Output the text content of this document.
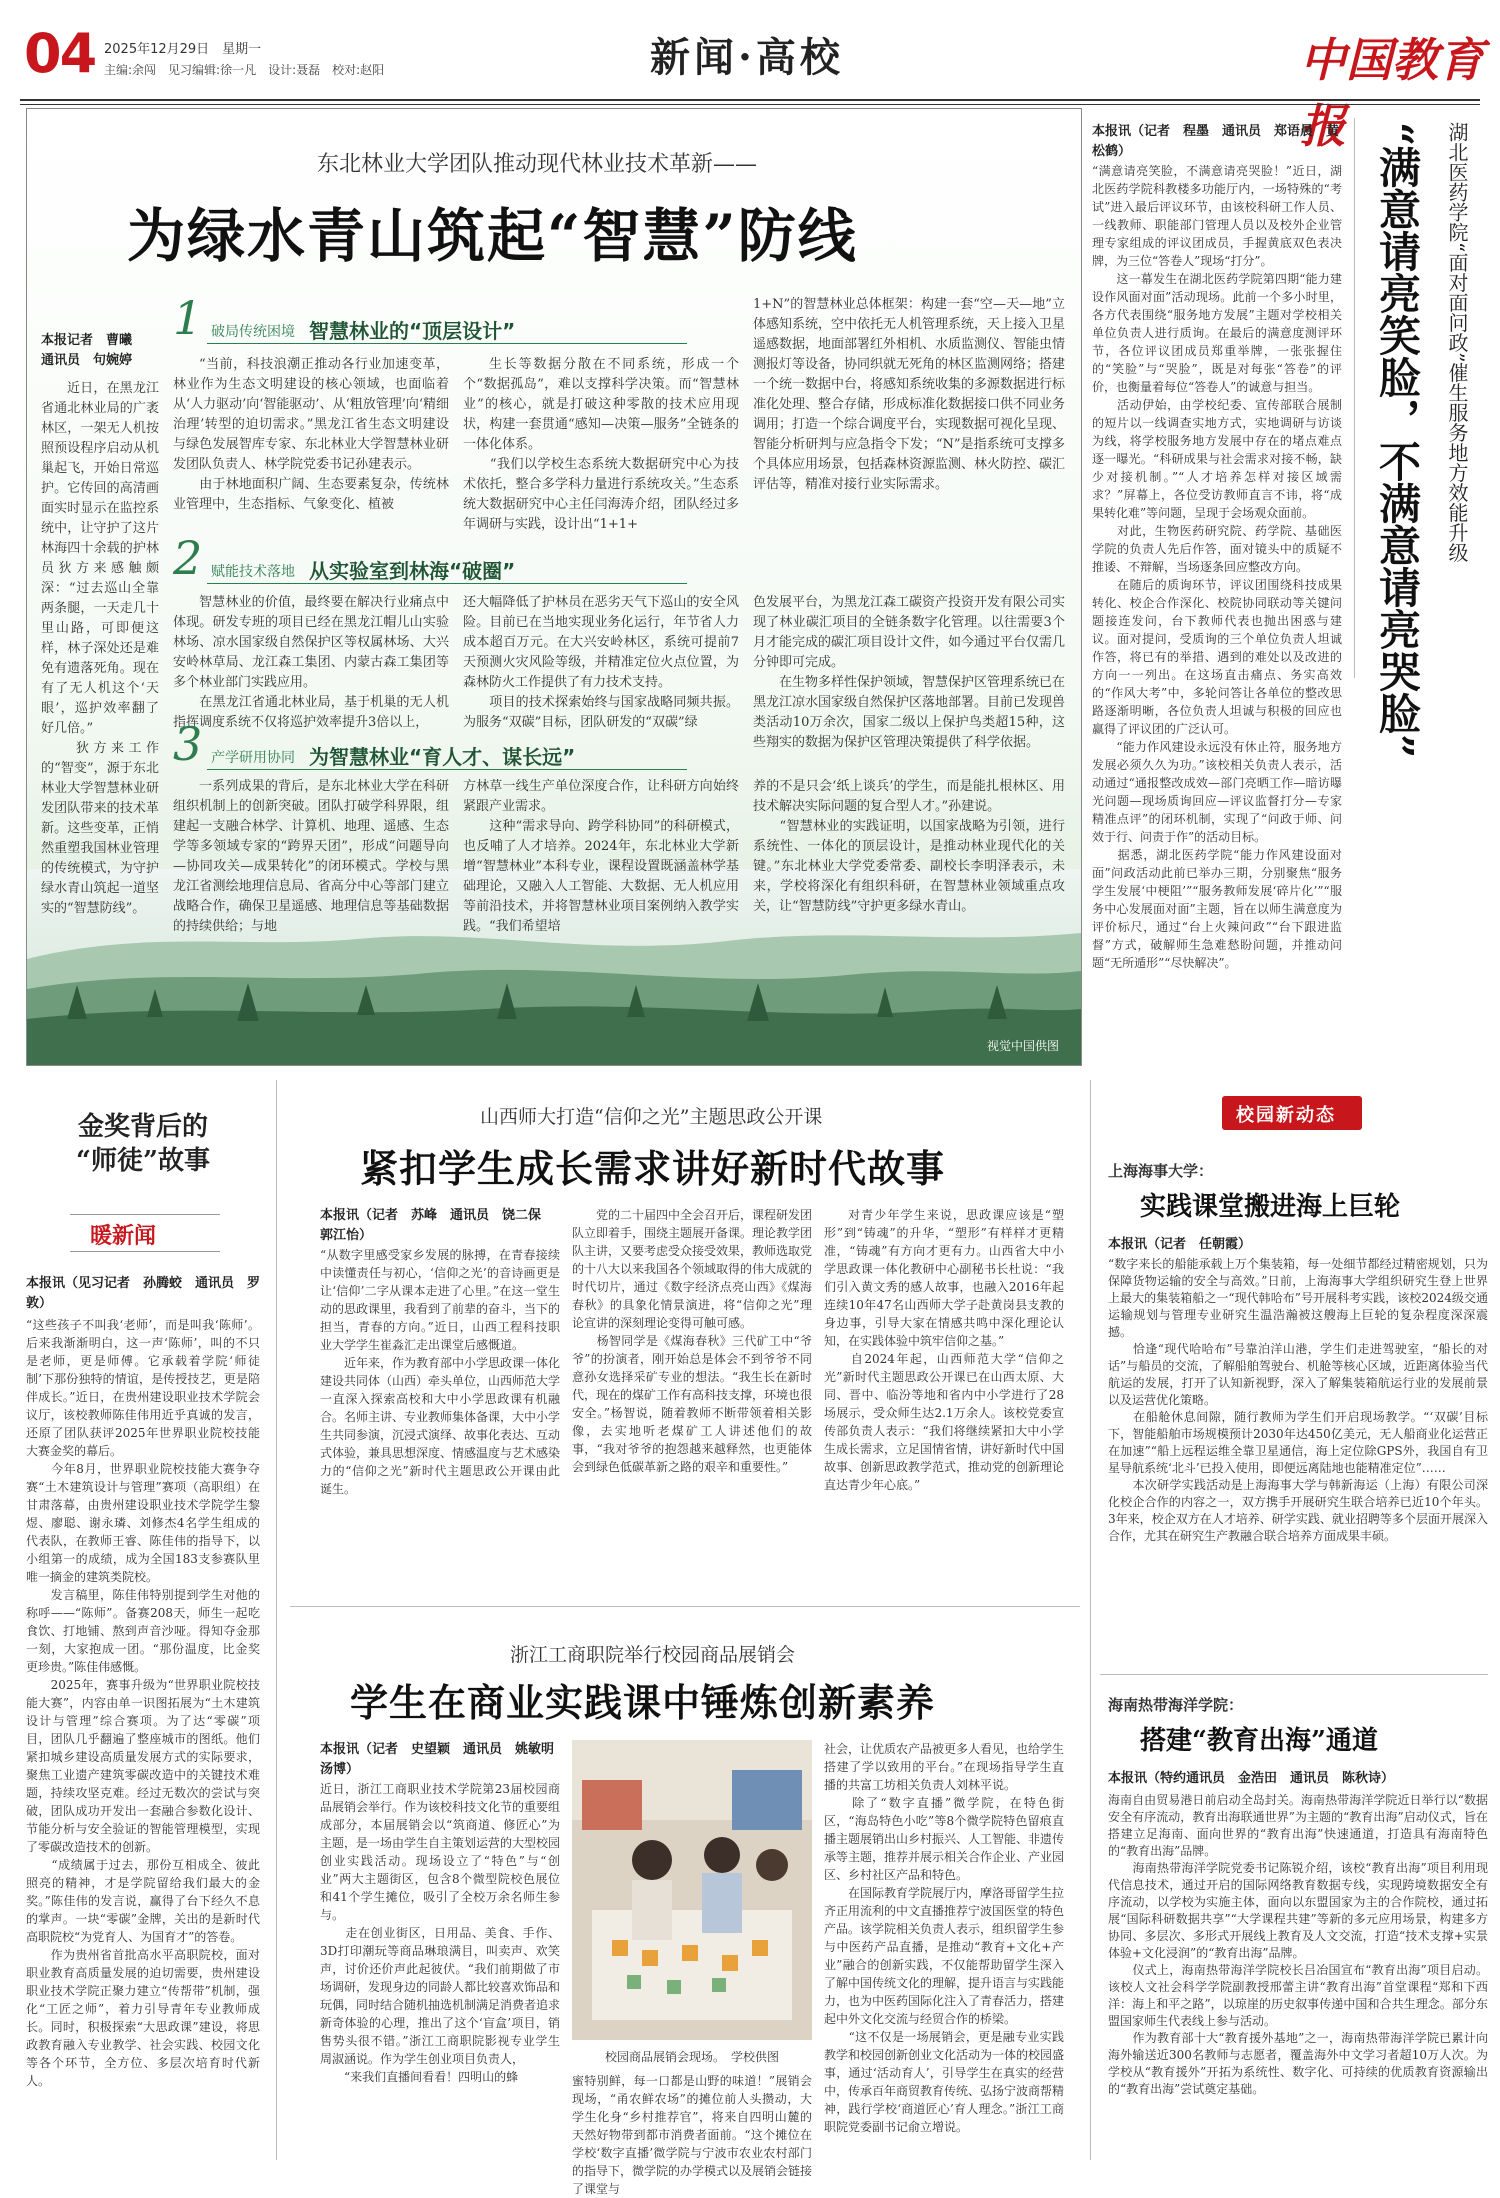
04 2025年12月29日　星期一
主编:余闯　见习编辑:徐一凡　设计:聂磊　校对:赵阳	新闻·高校	中国教育报
视觉中国供图
东北林业大学团队推动现代林业技术革新——
为绿水青山筑起“智慧”防线
本报记者　曹曦
通讯员　句婉婷
近日，在黑龙江省通北林业局的广袤林区，一架无人机按照预设程序启动从机巢起飞，开始日常巡护。它传回的高清画面实时显示在监控系统中，让守护了这片林海四十余载的护林员狄方来感触颇深：“过去巡山全靠两条腿，一天走几十里山路，可即便这样，林子深处还是难免有遗落死角。现在有了无人机这个‘天眼’，巡护效率翻了好几倍。”
　　狄方来工作的“智变”，源于东北林业大学智慧林业研发团队带来的技术革新。这些变革，正悄然重塑我国林业管理的传统模式，为守护绿水青山筑起一道坚实的“智慧防线”。
1 破局传统困境 智慧林业的“顶层设计”
“当前，科技浪潮正推动各行业加速变革，林业作为生态文明建设的核心领域，也面临着从‘人力驱动’向‘智能驱动’、从‘粗放管理’向‘精细治理’转型的迫切需求。”黑龙江省生态文明建设与绿色发展智库专家、东北林业大学智慧林业研发团队负责人、林学院党委书记孙建表示。
　　由于林地面积广阔、生态要素复杂，传统林业管理中，生态指标、气象变化、植被
生长等数据分散在不同系统，形成一个个“数据孤岛”，难以支撑科学决策。而“智慧林业”的核心，就是打破这种零散的技术应用现状，构建一套贯通“感知—决策—服务”全链条的一体化体系。
　　“我们以学校生态系统大数据研究中心为技术依托，整合多学科力量进行系统攻关。”生态系统大数据研究中心主任闫海涛介绍，团队经过多年调研与实践，设计出“1+1+
1+N”的智慧林业总体框架：构建一套“空—天—地”立体感知系统，空中依托无人机管理系统，天上接入卫星遥感数据，地面部署红外相机、水质监测仪、智能虫情测报灯等设备，协同织就无死角的林区监测网络；搭建一个统一数据中台，将感知系统收集的多源数据进行标准化处理、整合存储，形成标准化数据接口供不同业务调用；打造一个综合调度平台，实现数据可视化呈现、智能分析研判与应急指令下发；“N”是指系统可支撑多个具体应用场景，包括森林资源监测、林火防控、碳汇评估等，精准对接行业实际需求。
2 赋能技术落地 从实验室到林海“破圈”
智慧林业的价值，最终要在解决行业痛点中体现。研发专班的项目已经在黑龙江帽儿山实验林场、凉水国家级自然保护区等权属林场、大兴安岭林草局、龙江森工集团、内蒙古森工集团等多个林业部门实践应用。
　　在黑龙江省通北林业局，基于机巢的无人机指挥调度系统不仅将巡护效率提升3倍以上，
还大幅降低了护林员在恶劣天气下巡山的安全风险。目前已在当地实现业务化运行，年节省人力成本超百万元。在大兴安岭林区，系统可提前7天预测火灾风险等级，并精准定位火点位置，为森林防火工作提供了有力技术支持。
　　项目的技术探索始终与国家战略同频共振。为服务“双碳”目标，团队研发的“双碳”绿
色发展平台，为黑龙江森工碳资产投资开发有限公司实现了林业碳汇项目的全链条数字化管理。以往需要3个月才能完成的碳汇项目设计文件，如今通过平台仅需几分钟即可完成。
　　在生物多样性保护领域，智慧保护区管理系统已在黑龙江凉水国家级自然保护区落地部署。目前已发现兽类活动10万余次，国家二级以上保护鸟类超15种，这些翔实的数据为保护区管理决策提供了科学依据。
3 产学研用协同 为智慧林业“育人才、谋长远”
一系列成果的背后，是东北林业大学在科研组织机制上的创新突破。团队打破学科界限，组建起一支融合林学、计算机、地理、遥感、生态学等多领域专家的“跨界天团”，形成“问题导向—协同攻关—成果转化”的闭环模式。学校与黑龙江省测绘地理信息局、省高分中心等部门建立战略合作，确保卫星遥感、地理信息等基础数据的持续供给；与地
方林草一线生产单位深度合作，让科研方向始终紧跟产业需求。
　　这种“需求导向、跨学科协同”的科研模式，也反哺了人才培养。2024年，东北林业大学新增“智慧林业”本科专业，课程设置既涵盖林学基础理论，又融入人工智能、大数据、无人机应用等前沿技术，并将智慧林业项目案例纳入教学实践。“我们希望培
养的不是只会‘纸上谈兵’的学生，而是能扎根林区、用技术解决实际问题的复合型人才。”孙建说。
　　“智慧林业的实践证明，以国家战略为引领，进行系统性、一体化的顶层设计，是推动林业现代化的关键。”东北林业大学党委常委、副校长李明泽表示，未来，学校将深化有组织科研，在智慧林业领域重点攻关，让“智慧防线”守护更多绿水青山。
本报讯（记者　程墨　通讯员　郑语晨　黄松鹤）
“满意请亮笑脸，不满意请亮哭脸！”近日，湖北医药学院科教楼多功能厅内，一场特殊的“考试”进入最后评议环节，由该校科研工作人员、一线教师、职能部门管理人员以及校外企业管理专家组成的评议团成员，手握黄底双色表决牌，为三位“答卷人”现场“打分”。
　　这一幕发生在湖北医药学院第四期“能力建设作风面对面”活动现场。此前一个多小时里，各方代表围绕“服务地方发展”主题对学校相关单位负责人进行质询。在最后的满意度测评环节，各位评议团成员郑重举牌，一张张握住的“笑脸”与“哭脸”，既是对每张“答卷”的评价，也衡量着每位“答卷人”的诚意与担当。
　　活动伊始，由学校纪委、宣传部联合展制的短片以一线调查实地方式，实地调研与访谈为线，将学校服务地方发展中存在的堵点难点逐一曝光。“科研成果与社会需求对接不畅，缺少对接机制。”“人才培养怎样对接区域需求？”屏幕上，各位受访教师直言不讳，将“成果转化难”等问题，呈现于会场观众面前。
　　对此，生物医药研究院、药学院、基础医学院的负责人先后作答，面对镜头中的质疑不推诿、不辩解，当场逐条回应整改方向。
　　在随后的质询环节，评议团围绕科技成果转化、校企合作深化、校院协同联动等关键问题接连发问，台下教师代表也抛出困惑与建议。面对提问，受质询的三个单位负责人坦诚作答，将已有的举措、遇到的难处以及改进的方向一一列出。在这场直击痛点、务实高效的“作风大考”中，多轮问答让各单位的整改思路逐渐明晰，各位负责人坦诚与积极的回应也赢得了评议团的广泛认可。
　　“能力作风建设永远没有休止符，服务地方发展必须久久为功。”该校相关负责人表示，活动通过“通报整改成效—部门亮晒工作—暗访曝光问题—现场质询回应—评议监督打分—专家精准点评”的闭环机制，实现了“问政于师、问效于行、问责于作”的活动目标。
　　据悉，湖北医药学院“能力作风建设面对面”问政活动此前已举办三期，分别聚焦“服务学生发展‘中梗阻’”“服务教师发展‘碎片化’”“服务中心发展面对面”主题，旨在以师生满意度为评价标尺，通过“台上火辣问政”“台下跟进监督”方式，破解师生急难愁盼问题，并推动问题“无所遁形”“尽快解决”。
湖北医药学院“面对面问政”催生服务地方效能升级
“满意请亮笑脸，不满意请亮哭脸”
金奖背后的
“师徒”故事
暖新闻
本报讯（见习记者　孙腾蛟　通讯员　罗敦）
“这些孩子不叫我‘老师’，而是叫我‘陈师’。后来我渐渐明白，这一声‘陈师’，叫的不只是老师，更是师傅。它承载着学院‘师徒制’下那份独特的情谊，是传授技艺，更是陪伴成长。”近日，在贵州建设职业技术学院会议厅，该校教师陈佳伟用近乎真诚的发言，还原了团队获评2025年世界职业院校技能大赛金奖的幕后。
　　今年8月，世界职业院校技能大赛争夺赛“土木建筑设计与管理”赛项（高职组）在甘肃落幕，由贵州建设职业技术学院学生黎煜、廖聪、谢永璘、刘修杰4名学生组成的代表队，在教师王睿、陈佳伟的指导下，以小组第一的成绩，成为全国183支参赛队里唯一摘金的建筑类院校。
　　发言稿里，陈佳伟特别提到学生对他的称呼——“陈师”。备赛208天，师生一起吃食饮、打地铺、熬到声音沙哑。得知夺金那一刻，大家抱成一团。“那份温度，比金奖更珍贵。”陈佳伟感慨。
　　2025年，赛事升级为“世界职业院校技能大赛”，内容由单一识图拓展为“土木建筑设计与管理”综合赛项。为了达“零碳”项目，团队几乎翻遍了整座城市的图纸。他们紧扣城乡建设高质量发展方式的实际要求，聚焦工业遗产建筑零碳改造中的关键技术难题，持续攻坚克难。经过无数次的尝试与突破，团队成功开发出一套融合参数化设计、节能分析与安全验证的智能管理模型，实现了零碳改造技术的创新。
　　“成绩属于过去，那份互相成全、彼此照亮的精神，才是学院留给我们最大的金奖。”陈佳伟的发言说，赢得了台下经久不息的掌声。一块“零碳”金牌，关出的是新时代高职院校“为党育人、为国育才”的答卷。
　　作为贵州省首批高水平高职院校，面对职业教育高质量发展的迫切需要，贵州建设职业技术学院正聚力建立“传帮带”机制，强化“工匠之师”，着力引导青年专业教师成长。同时，积极探索“大思政课”建设，将思政教育融入专业教学、社会实践、校园文化等各个环节，全方位、多层次培育时代新人。
山西师大打造“信仰之光”主题思政公开课
紧扣学生成长需求讲好新时代故事
本报讯（记者　苏峰　通讯员　饶二保　郭江怡）
“从数字里感受家乡发展的脉搏，在青春接续中读懂责任与初心，‘信仰之光’的音诗画更是让‘信仰’二字从课本走进了心里。”在这一堂生动的思政课里，我看到了前辈的奋斗，当下的担当，青春的方向。”近日，山西工程科技职业大学学生崔淼汇走出课堂后感慨道。
　　近年来，作为教育部中小学思政课一体化建设共同体（山西）牵头单位，山西师范大学一直深入探索高校和大中小学思政课有机融合。名师主讲、专业教师集体备课，大中小学生共同参演，沉浸式演绎、故事化表达、互动式体验，兼具思想深度、情感温度与艺术感染力的“信仰之光”新时代主题思政公开课由此诞生。
党的二十届四中全会召开后，课程研发团队立即着手，围绕主题展开备课。理论教学团队主讲，又要考虑受众接受效果，教师选取党的十八大以来我国各个领域取得的伟大成就的时代切片，通过《数字经济点亮山西》《煤海春秋》的具象化情景演进，将“信仰之光”理论宣讲的深刻理论变得可触可感。
　　杨智同学是《煤海春秋》三代矿工中“爷爷”的扮演者，刚开始总是体会不到爷爷不同意孙女选择采矿专业的想法。“我生长在新时代，现在的煤矿工作有高科技支撑，环境也很安全。”杨智说，随着教师不断带领着相关影像，去实地听老煤矿工人讲述他们的故事，“我对爷爷的抱怨越来越释然，也更能体会到绿色低碳革新之路的艰辛和重要性。”
对青少年学生来说，思政课应该是“塑形”到“铸魂”的升华，“塑形”有样样才更精准，“铸魂”有方向才更有力。山西省大中小学思政课一体化教研中心副秘书长杜说：“我们引入黄文秀的感人故事，也融入2016年起连续10年47名山西师大学子赴黄岗县支教的身边事，引导大家在情感共鸣中深化理论认知，在实践体验中筑牢信仰之基。”
　　自2024年起，山西师范大学“信仰之光”新时代主题思政公开课已在山西太原、大同、晋中、临汾等地和省内中小学进行了28场展示，受众师生达2.1万余人。该校党委宣传部负责人表示：“我们将继续紧扣大中小学生成长需求，立足国情省情，讲好新时代中国故事、创新思政教学范式，推动党的创新理论直达青少年心底。”
浙江工商职院举行校园商品展销会
学生在商业实践课中锤炼创新素养
本报讯（记者　史望颖　通讯员　姚敏明　汤博）
近日，浙江工商职业技术学院第23届校园商品展销会举行。作为该校科技文化节的重要组成部分，本届展销会以“筑商道、修匠心”为主题，是一场由学生自主策划运营的大型校园创业实践活动。现场设立了“特色”与“创业”两大主题街区，包含8个微型院校色展位和41个学生摊位，吸引了全校万余名师生参与。
　　走在创业街区，日用品、美食、手作、3D打印潮玩等商品琳琅满目，叫卖声、欢笑声，讨价还价声此起彼伏。“我们前期做了市场调研，发现身边的同龄人都比较喜欢饰品和玩偶，同时结合随机抽选机制满足消费者追求新奇体验的心理，推出了这个‘盲盒’项目，销售势头很不错。”浙江工商职院影视专业学生周淑涵说。作为学生创业项目负责人，
　　“来我们直播间看看！四明山的蜂
校园商品展销会现场。　学校供图
蜜特别鲜，每一口都是山野的味道！”展销会现场，“甬农鲜农场”的摊位前人头攒动，大学生化身“乡村推荐官”，将来自四明山麓的天然好物带到都市消费者面前。“这个摊位在学校‘数字直播’微学院与宁波市农业农村部门的指导下，微学院的办学模式以及展销会链接了课堂与
社会，让优质农产品被更多人看见，也给学生搭建了学以致用的平台。”在现场指导学生直播的共富工坊相关负责人刘林平说。
　　除了“数字直播”微学院，在特色街区，“海岛特色小吃”等8个微学院特色留痕直播主题展销出山乡村振兴、人工智能、非遗传承等主题，推荐并展示相关合作企业、产业园区、乡村社区产品和特色。
　　在国际教育学院展厅内，摩洛哥留学生拉齐正用流利的中文直播推荐宁波国医堂的特色产品。该学院相关负责人表示，组织留学生参与中医药产品直播，是推动“教育+文化+产业”融合的创新实践，不仅能帮助留学生深入了解中国传统文化的理解，提升语言与实践能力，也为中医药国际化注入了青春活力，搭建起中外文化交流与经贸合作的桥梁。
　　“这不仅是一场展销会，更是融专业实践教学和校园创新创业文化活动为一体的校园盛事，通过‘活动育人’，引导学生在真实的经营中，传承百年商贸教育传统、弘扬宁波商帮精神，践行学校‘商道匠心’育人理念。”浙江工商职院党委副书记俞立增说。
校园新动态
上海海事大学：
实践课堂搬进海上巨轮
本报讯（记者　任朝霞）
“数字来长的船能承载上万个集装箱，每一处细节都经过精密规划，只为保障货物运输的安全与高效。”日前，上海海事大学组织研究生登上世界上最大的集装箱船之一“现代韩哈布”号开展科考实践，该校2024级交通运输规划与管理专业研究生温浩瀚被这艘海上巨轮的复杂程度深深震撼。
　　恰逢“现代哈哈布”号靠泊洋山港，学生们走进驾驶室，“船长的对话”与船员的交流，了解船舶驾驶台、机舱等核心区域，近距离体验当代航运的发展，打开了认知新视野，深入了解集装箱航运行业的发展前景以及运营优化策略。
　　在船舱休息间隙，随行教师为学生们开启现场教学。“‘双碳’目标下，智能船舶市场规模预计2030年达450亿美元，无人船商业化运营正在加速”“船上远程运维全靠卫星通信，海上定位除GPS外，我国自有卫星导航系统‘北斗’已投入使用，即便远离陆地也能精准定位”……
　　本次研学实践活动是上海海事大学与韩新海运（上海）有限公司深化校企合作的内容之一，双方携手开展研究生联合培养已近10个年头。3年来，校企双方在人才培养、研学实践、就业招聘等多个层面开展深入合作，尤其在研究生产教融合联合培养方面成果丰硕。
海南热带海洋学院：
搭建“教育出海”通道
本报讯（特约通讯员　金浩田　通讯员　陈秋诗）
海南自由贸易港日前启动全岛封关。海南热带海洋学院近日举行以“数据安全有序流动，教育出海联通世界”为主题的“教育出海”启动仪式，旨在搭建立足海南、面向世界的“教育出海”快速通道，打造具有海南特色的“教育出海”品牌。
　　海南热带海洋学院党委书记陈锐介绍，该校“教育出海”项目利用现代信息技术，通过开启的国际网络教育数据专线，实现跨境数据安全有序流动，以学校为实施主体，面向以东盟国家为主的合作院校，通过拓展“国际科研数据共享”“大学课程共建”等新的多元应用场景，构建多方协同、多层次、多形式开展线上教育及人文交流，打造“技术支撑+实景体验+文化浸润”的“教育出海”品牌。
　　仪式上，海南热带海洋学院校长吕冶国宣布“教育出海”项目启动。该校人文社会科学学院副教授邢蕾主讲“教育出海”首堂课程“郑和下西洋：海上和平之路”，以琼崖的历史叙事传递中国和合共生理念。部分东盟国家师生代表线上参与活动。
　　作为教育部十大“教育援外基地”之一，海南热带海洋学院已累计向海外输送近300名教师与志愿者，覆盖海外中文学习者超10万人次。为学校从“教育援外”开拓为系统性、数字化、可持续的优质教育资源输出的“教育出海”尝试奠定基础。
